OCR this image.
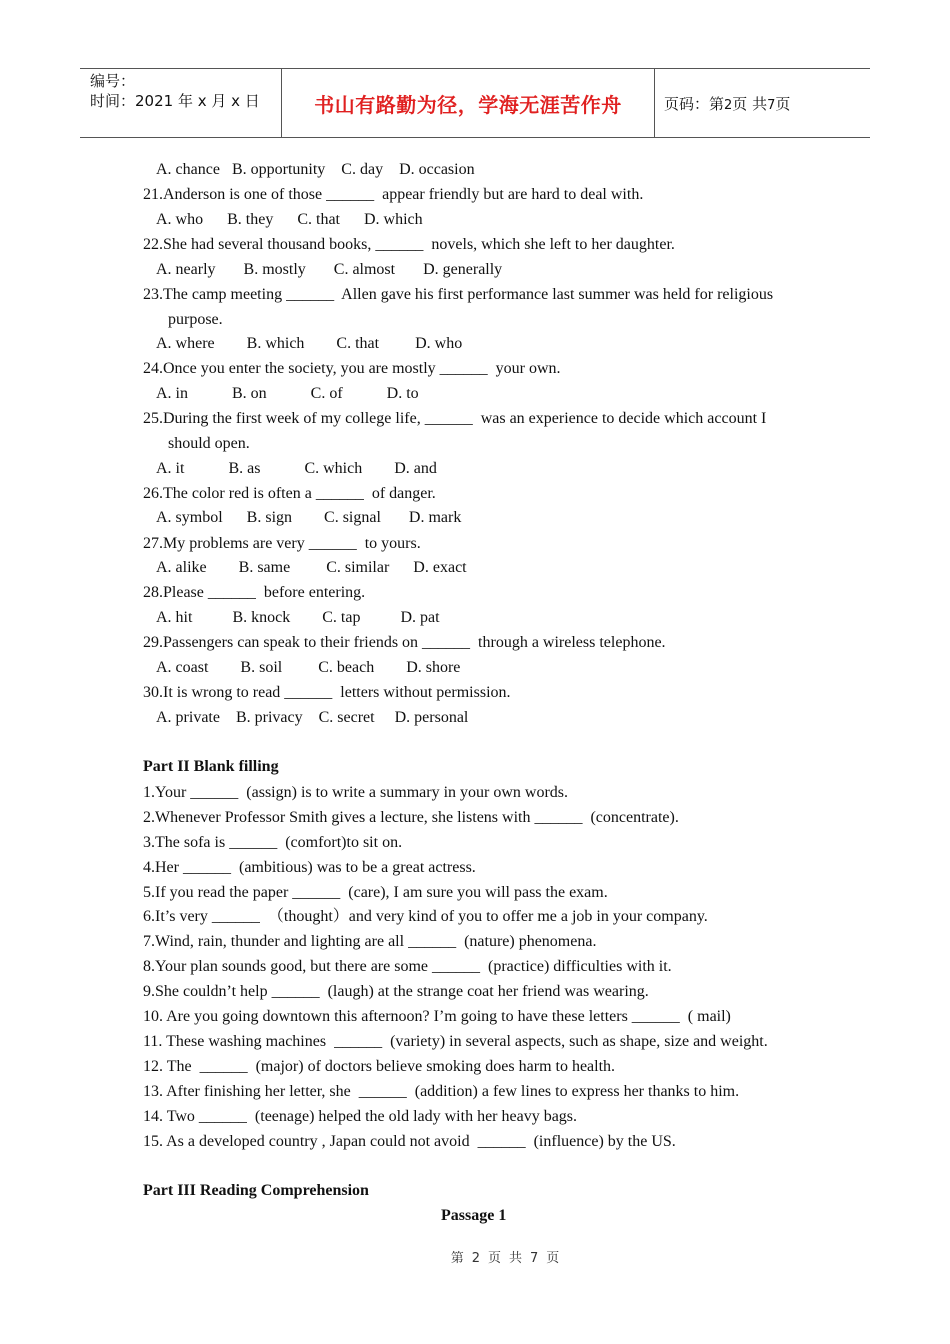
编号：
时间：2021 年 x 月 x 日	书山有路勤为径，学海无涯苦作舟	页码：第2页 共7页
A. chance   B. opportunity    C. day    D. occasion
21.Anderson is one of those ______  appear friendly but are hard to deal with.
A. who      B. they      C. that      D. which
22.She had several thousand books, ______  novels, which she left to her daughter.
A. nearly       B. mostly       C. almost       D. generally
23.The camp meeting ______  Allen gave his first performance last summer was held for religious
purpose.
A. where        B. which        C. that         D. who
24.Once you enter the society, you are mostly ______  your own.
A. in           B. on           C. of           D. to
25.During the first week of my college life, ______  was an experience to decide which account I
should open.
A. it           B. as           C. which        D. and
26.The color red is often a ______  of danger.
A. symbol      B. sign        C. signal       D. mark
27.My problems are very ______  to yours.
A. alike        B. same         C. similar      D. exact
28.Please ______  before entering.
A. hit          B. knock        C. tap          D. pat
29.Passengers can speak to their friends on ______  through a wireless telephone.
A. coast        B. soil         C. beach        D. shore
30.It is wrong to read ______  letters without permission.
A. private    B. privacy    C. secret     D. personal
Part II Blank filling
1.Your ______  (assign) is to write a summary in your own words.
2.Whenever Professor Smith gives a lecture, she listens with ______  (concentrate).
3.The sofa is ______  (comfort)to sit on.
4.Her ______  (ambitious) was to be a great actress.
5.If you read the paper ______  (care), I am sure you will pass the exam.
6.It’s very ______  （thought）and very kind of you to offer me a job in your company.
7.Wind, rain, thunder and lighting are all ______  (nature) phenomena.
8.Your plan sounds good, but there are some ______  (practice) difficulties with it.
9.She couldn’t help ______  (laugh) at the strange coat her friend was wearing.
10. Are you going downtown this afternoon? I’m going to have these letters ______  ( mail)
11. These washing machines  ______  (variety) in several aspects, such as shape, size and weight.
12. The  ______  (major) of doctors believe smoking does harm to health.
13. After finishing her letter, she  ______  (addition) a few lines to express her thanks to him.
14. Two ______  (teenage) helped the old lady with her heavy bags.
15. As a developed country , Japan could not avoid  ______  (influence) by the US.
Part III Reading Comprehension
Passage 1
第 2 页 共 7 页
